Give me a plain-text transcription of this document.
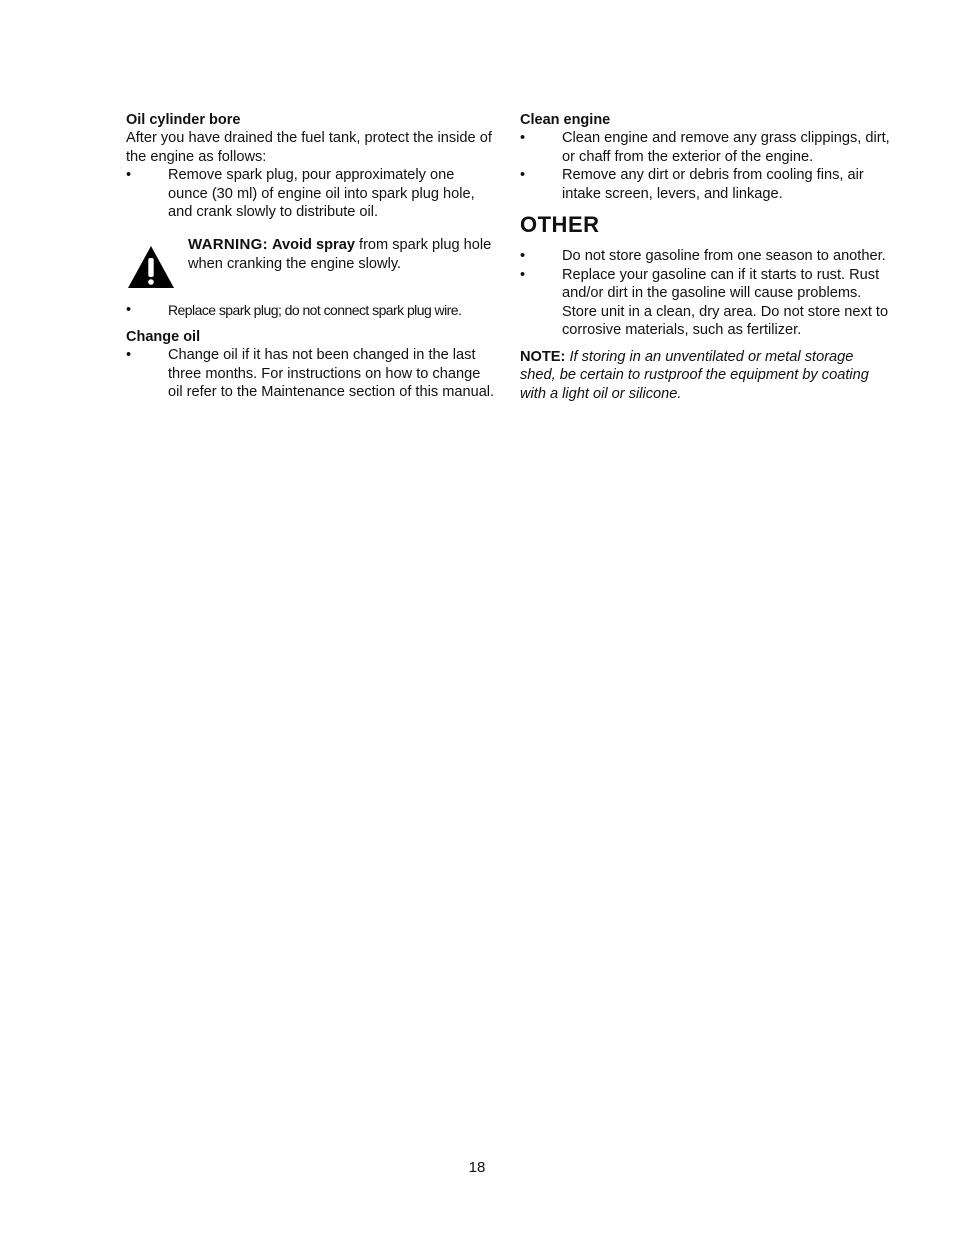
Oil cylinder bore

After you have drained the fuel tank, protect the inside of the engine as follows:

•	Remove spark plug, pour approximately one ounce (30 ml) of engine oil into spark plug hole, and crank slowly to distribute oil.
WARNING: Avoid spray from spark plug hole when cranking the engine slowly.
•	Replace spark plug; do not connect spark plug wire.
Change oil
•	Change oil if it has not been changed in the last three months. For instructions on how to change oil refer to the Maintenance section of this manual.
Clean engine
•	Clean engine and remove any grass clippings, dirt, or chaff from the exterior of the engine.
•	Remove any dirt or debris from cooling fins, air intake screen, levers, and linkage.
OTHER
•	Do not store gasoline from one season to another.
•	Replace your gasoline can if it starts to rust. Rust and/or dirt in the gasoline will cause problems. Store unit in a clean, dry area. Do not store next to corrosive materials, such as fertilizer.

NOTE: If storing in an unventilated or metal storage shed, be certain to rustproof the equipment by coating with a light oil or silicone.

18
